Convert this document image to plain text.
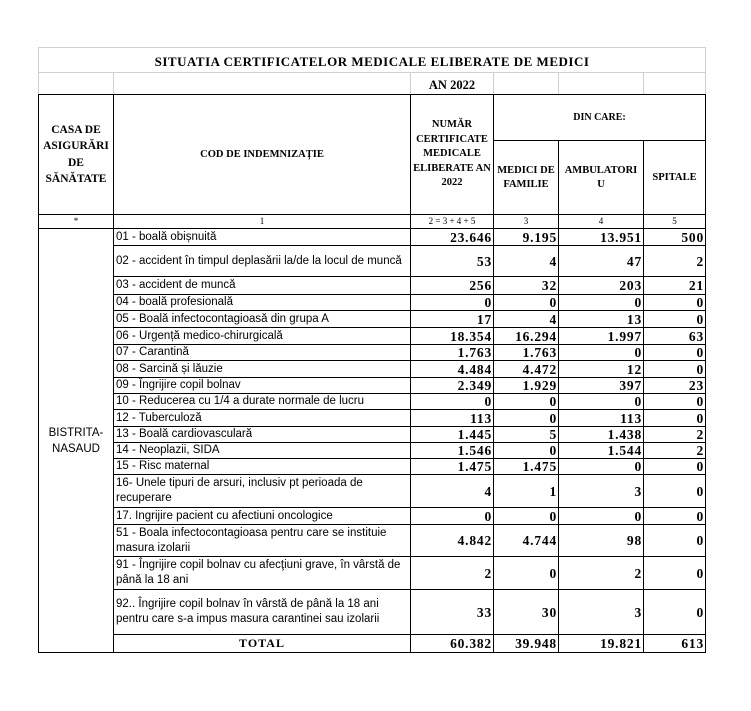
SITUATIA CERTIFICATELOR MEDICALE ELIBERATE DE MEDICI					
		AN 2022			

CASA DE
ASIGURĂRI
DE
SĂNĂTATE	COD DE INDEMNIZAȚIE	NUMĂR
CERTIFICATE
MEDICALE
ELIBERATE AN
2022	DIN CARE:		

			MEDICI DE
FAMILIE	AMBULATORI
U	SPITALE
*	1	2 = 3 + 4 + 5	3	4	5

BISTRITA-
NASAUD	01 - boală obișnuită	23.646	9.195	13.951	500
	02 - accident în timpul deplasării la/de la locul de muncă	53	4	47	2
	03 - accident de muncă	256	32	203	21
	04 - boală profesională	0	0	0	0
	05 - Boală infectocontagioasă din grupa A	17	4	13	0
	06 - Urgență medico-chirurgicală	18.354	16.294	1.997	63
	07 - Carantină	1.763	1.763	0	0
	08 - Sarcină și lăuzie	4.484	4.472	12	0
	09 - Îngrijire copil bolnav	2.349	1.929	397	23
	10 - Reducerea cu 1/4 a durate normale de lucru	0	0	0	0
	12 - Tuberculoză	113	0	113	0
	13 - Boală cardiovasculară	1.445	5	1.438	2
	14 - Neoplazii, SIDA	1.546	0	1.544	2
	15 - Risc maternal	1.475	1.475	0	0
	16- Unele tipuri de arsuri, inclusiv pt perioada de recuperare	4	1	3	0
	17. Ingrijire pacient cu afectiuni oncologice	0	0	0	0
	51 - Boala infectocontagioasa pentru care se instituie masura izolarii	4.842	4.744	98	0
	91 - Îngrijire copil bolnav cu afecţiuni grave, în vârstă de până la 18 ani	2	0	2	0
	92.. Îngrijire copil bolnav în vârstă de până la 18 ani pentru care s-a impus masura carantinei sau izolarii	33	30	3	0
	TOTAL	60.382	39.948	19.821	613
